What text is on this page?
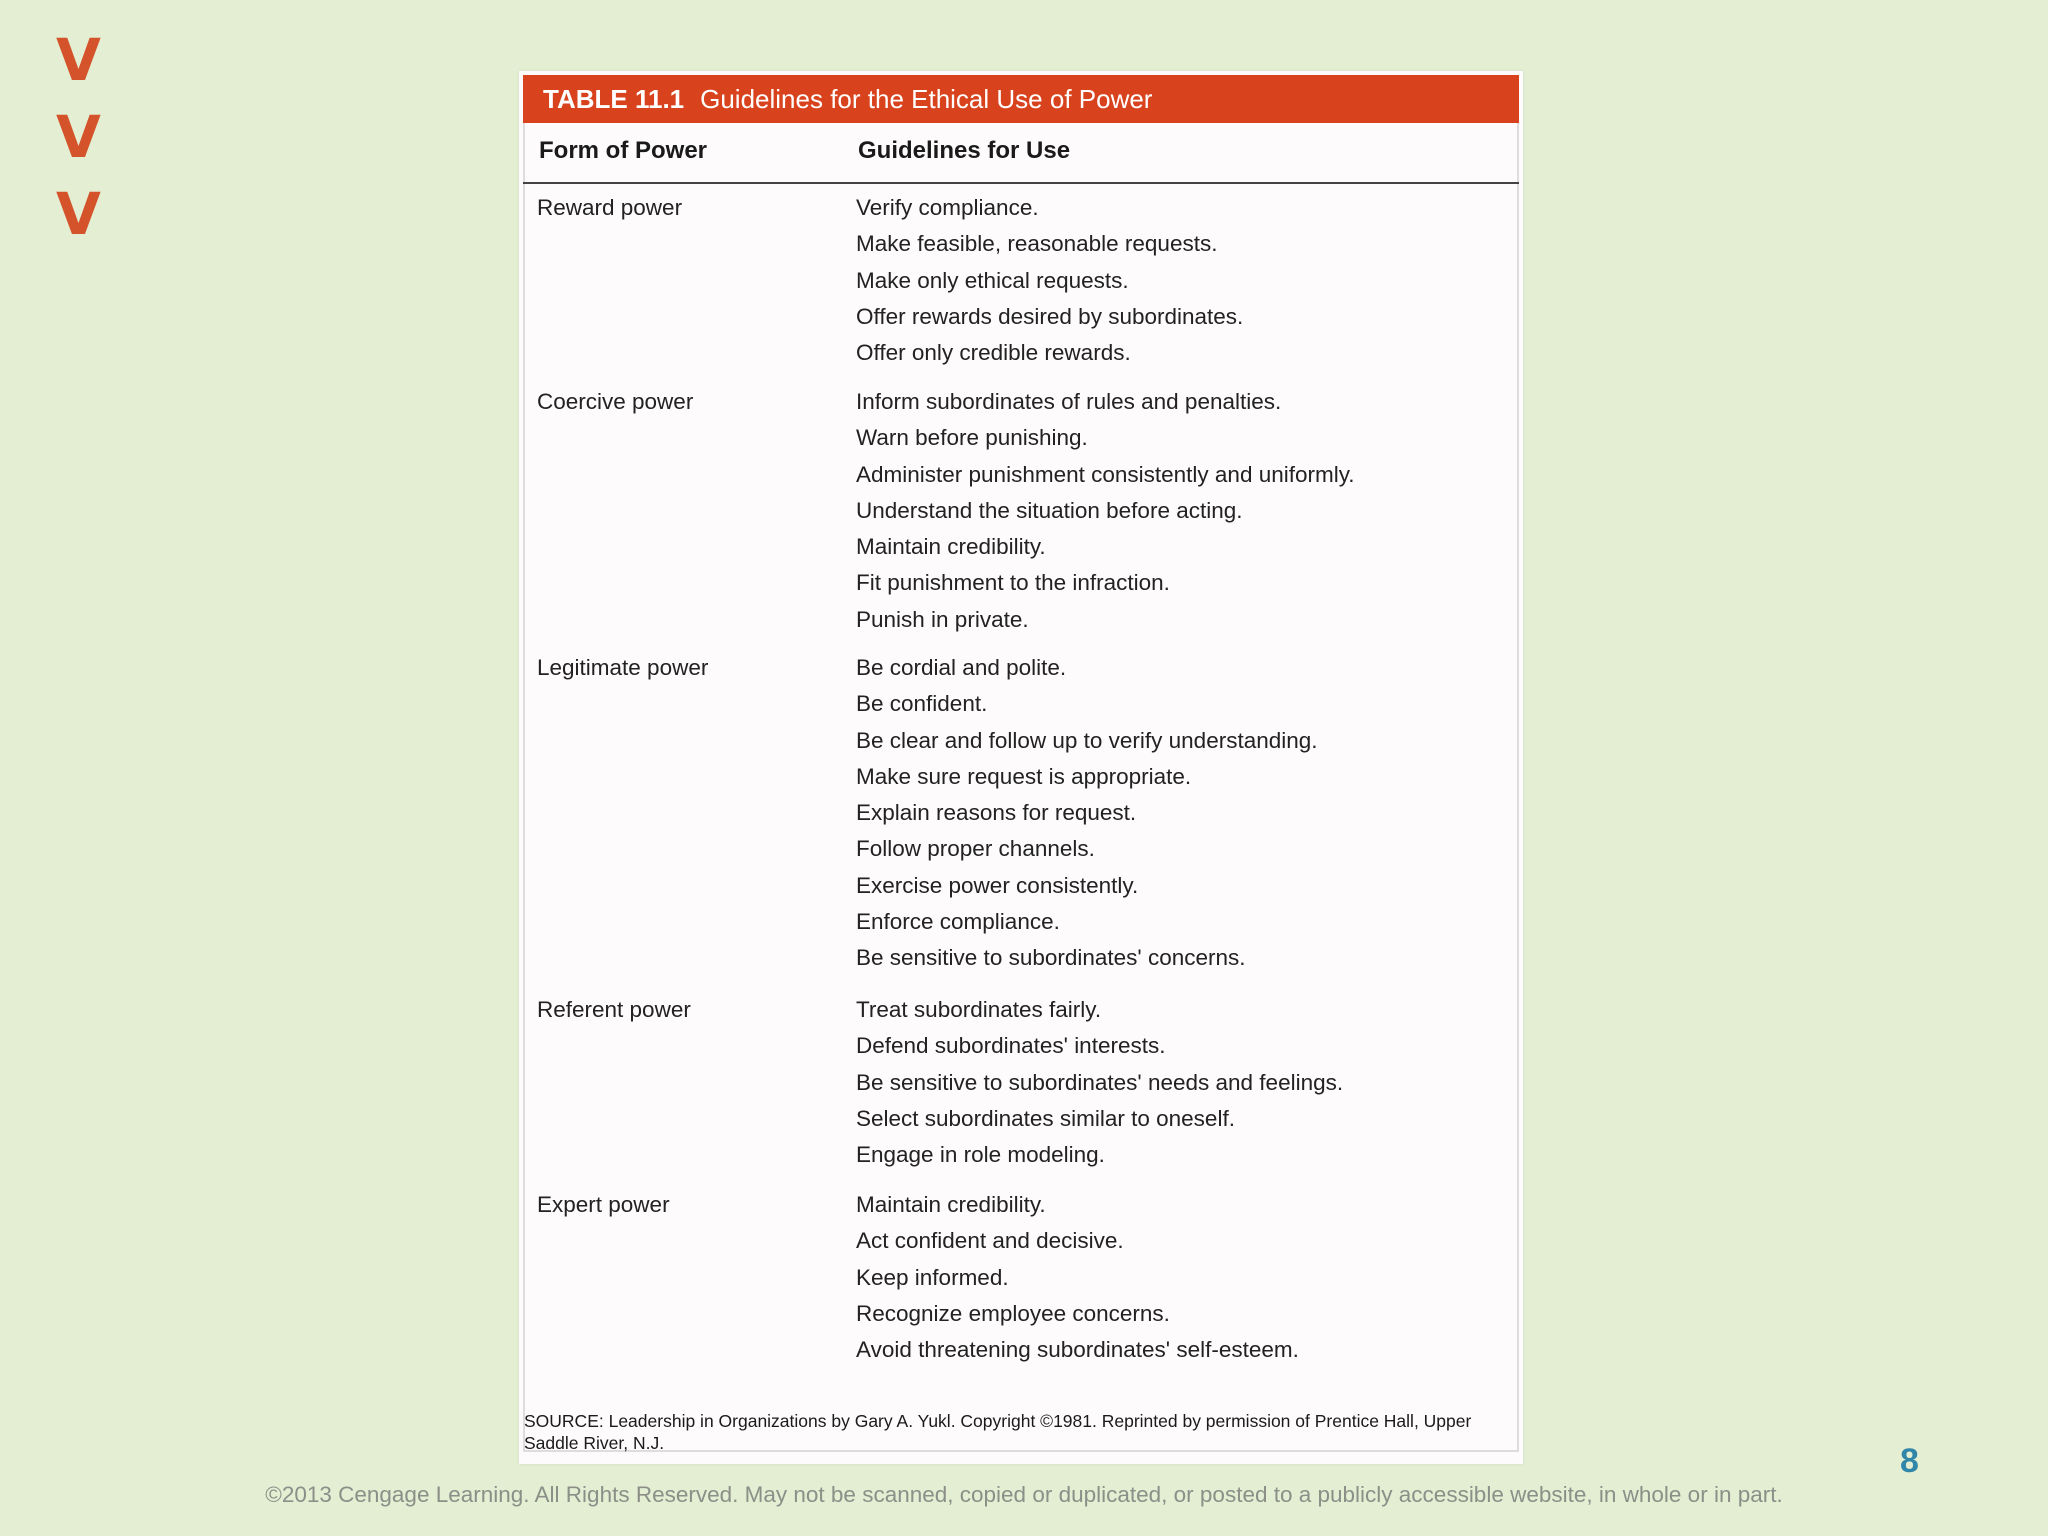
V
V
V
TABLE 11.1 Guidelines for the Ethical Use of Power
Form of Power	Guidelines for Use
Reward power	Verify compliance.
Make feasible, reasonable requests.
Make only ethical requests.
Offer rewards desired by subordinates.
Offer only credible rewards.
Coercive power	Inform subordinates of rules and penalties.
Warn before punishing.
Administer punishment consistently and uniformly.
Understand the situation before acting.
Maintain credibility.
Fit punishment to the infraction.
Punish in private.
Legitimate power	Be cordial and polite.
Be confident.
Be clear and follow up to verify understanding.
Make sure request is appropriate.
Explain reasons for request.
Follow proper channels.
Exercise power consistently.
Enforce compliance.
Be sensitive to subordinates' concerns.
Referent power	Treat subordinates fairly.
Defend subordinates' interests.
Be sensitive to subordinates' needs and feelings.
Select subordinates similar to oneself.
Engage in role modeling.
Expert power	Maintain credibility.
Act confident and decisive.
Keep informed.
Recognize employee concerns.
Avoid threatening subordinates' self-esteem.
SOURCE: Leadership in Organizations by Gary A. Yukl. Copyright ©1981. Reprinted by permission of Prentice Hall, Upper Saddle River, N.J.	8
©2013 Cengage Learning. All Rights Reserved. May not be scanned, copied or duplicated, or posted to a publicly accessible website, in whole or in part.
